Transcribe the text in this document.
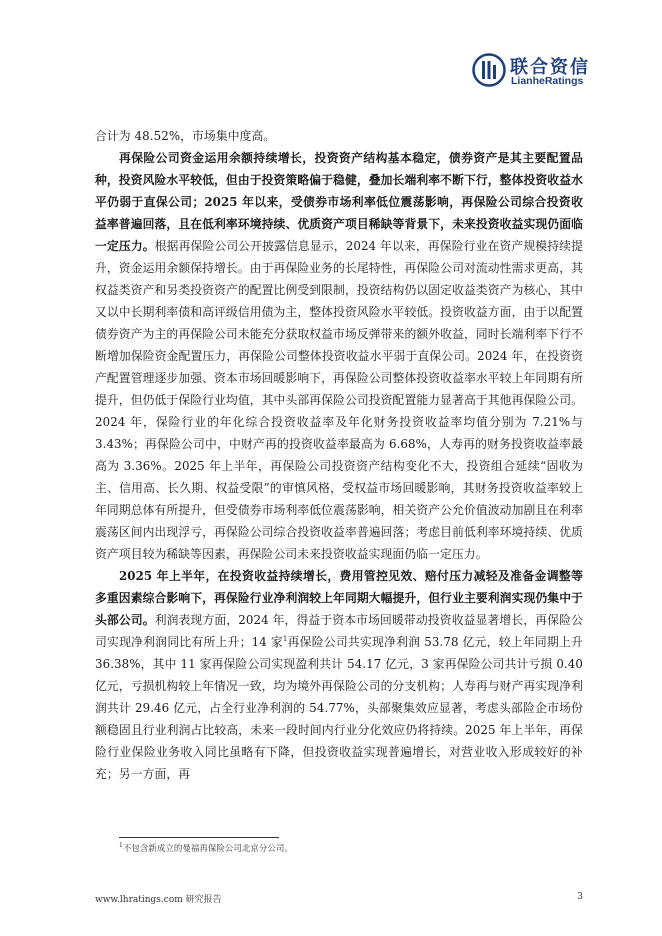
联合资信
LianheRatings

合计为 48.52%，市场集中度高。

再保险公司资金运用余额持续增长，投资资产结构基本稳定，债券资产是其主要配置品种，投资风险水平较低，但由于投资策略偏于稳健，叠加长端利率不断下行，整体投资收益水平仍弱于直保公司；2025 年以来，受债券市场利率低位震荡影响，再保险公司综合投资收益率普遍回落，且在低利率环境持续、优质资产项目稀缺等背景下，未来投资收益实现仍面临一定压力。根据再保险公司公开披露信息显示，2024 年以来，再保险行业在资产规模持续提升，资金运用余额保持增长。由于再保险业务的长尾特性，再保险公司对流动性需求更高，其权益类资产和另类投资资产的配置比例受到限制，投资结构仍以固定收益类资产为核心，其中又以中长期利率债和高评级信用债为主，整体投资风险水平较低。投资收益方面，由于以配置债券资产为主的再保险公司未能充分获取权益市场反弹带来的额外收益，同时长端利率下行不断增加保险资金配置压力，再保险公司整体投资收益水平弱于直保公司。2024 年，在投资资产配置管理逐步加强、资本市场回暖影响下，再保险公司整体投资收益率水平较上年同期有所提升，但仍低于保险行业均值，其中头部再保险公司投资配置能力显著高于其他再保险公司。2024 年，保险行业的年化综合投资收益率及年化财务投资收益率均值分别为 7.21%与 3.43%；再保险公司中，中财产再的投资收益率最高为 6.68%，人寿再的财务投资收益率最高为 3.36%。2025 年上半年，再保险公司投资资产结构变化不大，投资组合延续“固收为主、信用高、长久期、权益受限”的审慎风格，受权益市场回暖影响，其财务投资收益率较上年同期总体有所提升，但受债券市场利率低位震荡影响，相关资产公允价值波动加剧且在利率震荡区间内出现浮亏，再保险公司综合投资收益率普遍回落；考虑目前低利率环境持续、优质资产项目较为稀缺等因素，再保险公司未来投资收益实现面仍临一定压力。

2025 年上半年，在投资收益持续增长，费用管控见效、赔付压力减轻及准备金调整等多重因素综合影响下，再保险行业净利润较上年同期大幅提升，但行业主要利润实现仍集中于头部公司。利润表现方面，2024 年，得益于资本市场回暖带动投资收益显著增长，再保险公司实现净利润同比有所上升；14 家$^1$再保险公司共实现净利润 53.78 亿元，较上年同期上升 36.38%，其中 11 家再保险公司实现盈利共计 54.17 亿元，3 家再保险公司共计亏损 0.40 亿元，亏损机构较上年情况一致，均为境外再保险公司的分支机构；人寿再与财产再实现净利润共计 29.46 亿元，占全行业净利润的 54.77%，头部聚集效应显著，考虑头部险企市场份额稳固且行业利润占比较高，未来一段时间内行业分化效应仍将持续。2025 年上半年，再保险行业保险业务收入同比虽略有下降，但投资收益实现普遍增长，对营业收入形成较好的补充；另一方面，再

$^1$不包含新成立的曼福再保险公司北京分公司。
www.lhratings.com 研究报告	3
